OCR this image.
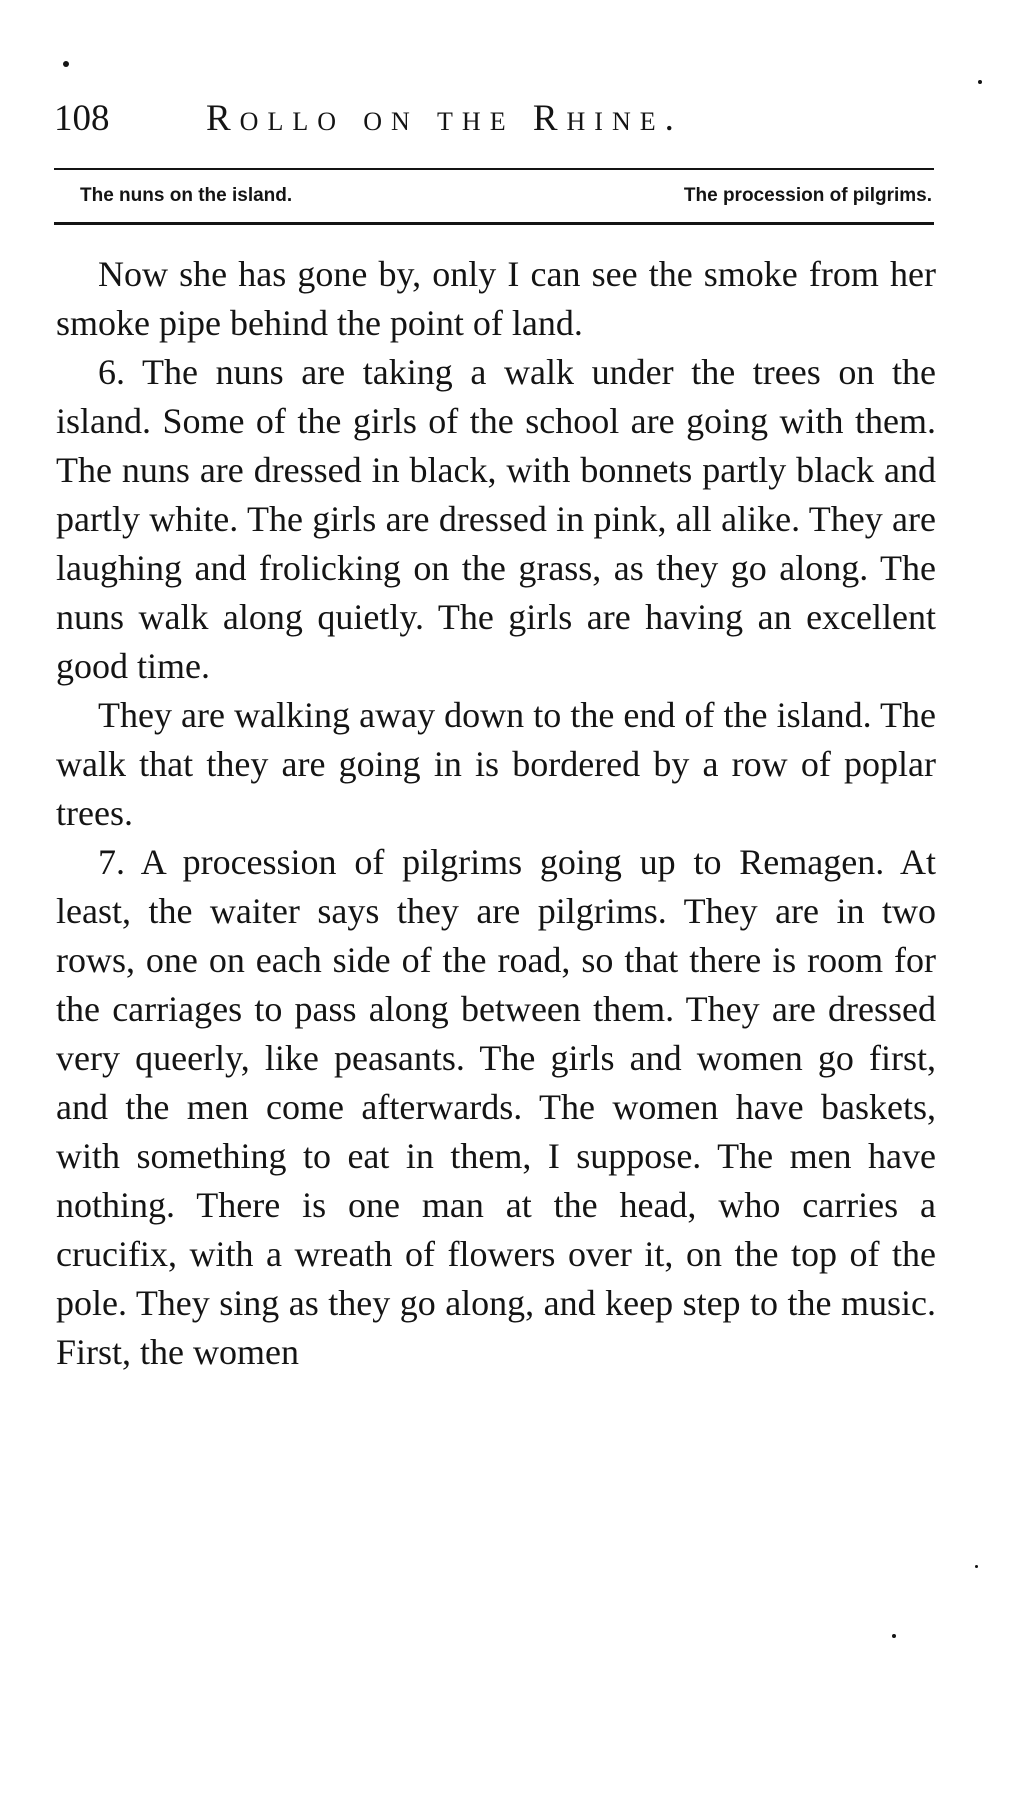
108	Rollo on the Rhine.
The nuns on the island.	The procession of pilgrims.

Now she has gone by, only I can see the smoke from her smoke pipe behind the point of land.

6. The nuns are taking a walk under the trees on the island. Some of the girls of the school are going with them. The nuns are dressed in black, with bonnets partly black and partly white. The girls are dressed in pink, all alike. They are laughing and frolicking on the grass, as they go along. The nuns walk along quietly. The girls are having an excellent good time.

They are walking away down to the end of the island. The walk that they are going in is bordered by a row of poplar trees.

7. A procession of pilgrims going up to Remagen. At least, the waiter says they are pilgrims. They are in two rows, one on each side of the road, so that there is room for the carriages to pass along between them. They are dressed very queerly, like peasants. The girls and women go first, and the men come afterwards. The women have baskets, with something to eat in them, I suppose. The men have nothing. There is one man at the head, who carries a crucifix, with a wreath of flowers over it, on the top of the pole. They sing as they go along, and keep step to the music. First, the women
